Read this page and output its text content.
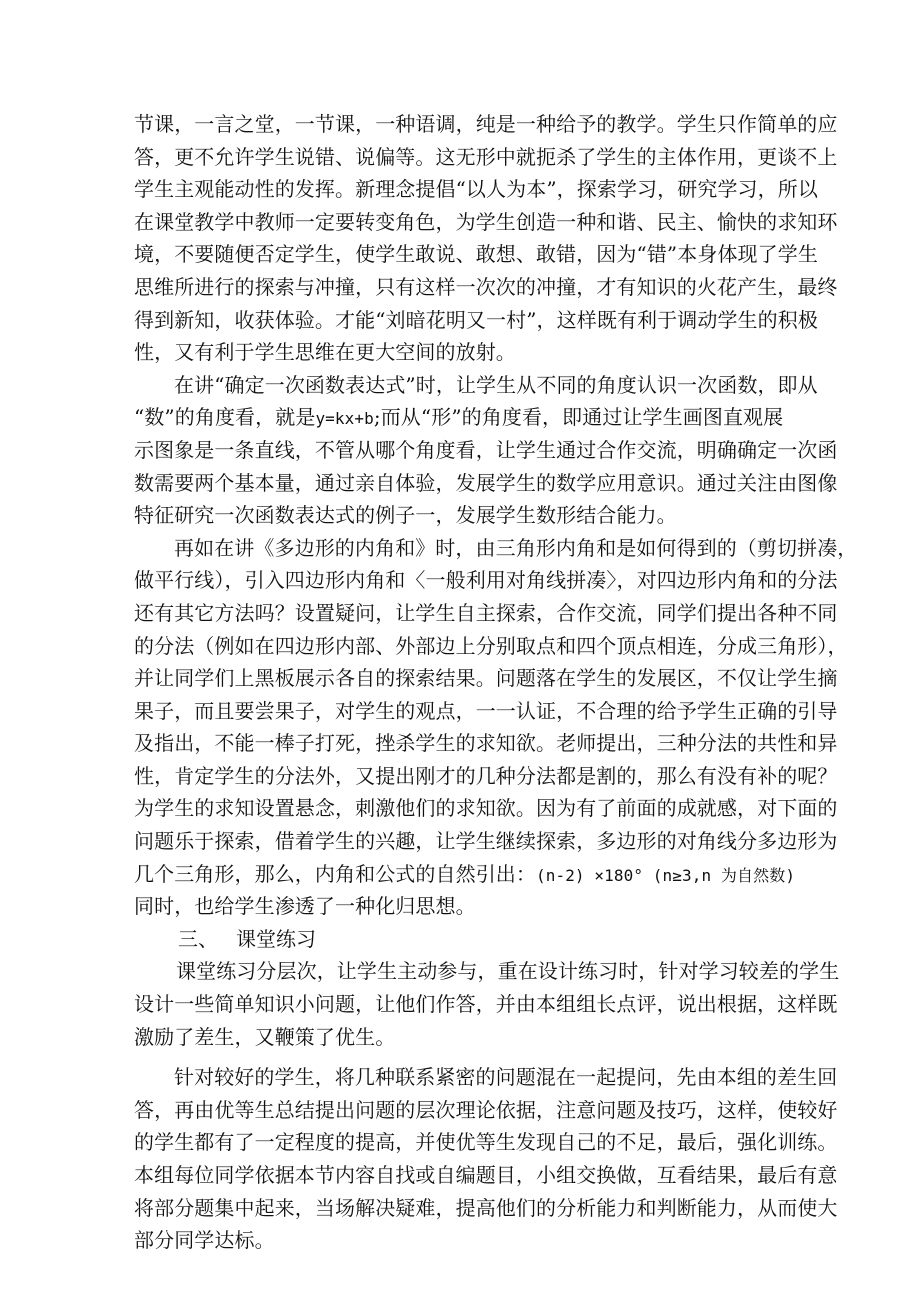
节课，一言之堂，一节课，一种语调，纯是一种给予的教学。学生只作简单的应
答，更不允许学生说错、说偏等。这无形中就扼杀了学生的主体作用，更谈不上
学生主观能动性的发挥。新理念提倡“以人为本”，探索学习，研究学习，所以
在课堂教学中教师一定要转变角色，为学生创造一种和谐、民主、愉快的求知环
境，不要随便否定学生，使学生敢说、敢想、敢错，因为“错”本身体现了学生
思维所进行的探索与冲撞，只有这样一次次的冲撞，才有知识的火花产生，最终
得到新知，收获体验。才能“刘暗花明又一村”，这样既有利于调动学生的积极
性，又有利于学生思维在更大空间的放射。
在讲“确定一次函数表达式”时，让学生从不同的角度认识一次函数，即从
“数”的角度看，就是y=kx+b;而从“形”的角度看，即通过让学生画图直观展
示图象是一条直线，不管从哪个角度看，让学生通过合作交流，明确确定一次函
数需要两个基本量，通过亲自体验，发展学生的数学应用意识。通过关注由图像
特征研究一次函数表达式的例子一，发展学生数形结合能力。
再如在讲《多边形的内角和》时，由三角形内角和是如何得到的（剪切拼凑，
做平行线），引入四边形内角和〈一般利用对角线拼凑〉，对四边形内角和的分法
还有其它方法吗？设置疑问，让学生自主探索，合作交流，同学们提出各种不同
的分法（例如在四边形内部、外部边上分别取点和四个顶点相连，分成三角形），
并让同学们上黑板展示各自的探索结果。问题落在学生的发展区，不仅让学生摘
果子，而且要尝果子，对学生的观点，一一认证，不合理的给予学生正确的引导
及指出，不能一棒子打死，挫杀学生的求知欲。老师提出，三种分法的共性和异
性，肯定学生的分法外，又提出刚才的几种分法都是割的，那么有没有补的呢？
为学生的求知设置悬念，刺激他们的求知欲。因为有了前面的成就感，对下面的
问题乐于探索，借着学生的兴趣，让学生继续探索，多边形的对角线分多边形为
几个三角形，那么，内角和公式的自然引出：(n-2) ×180° (n≥3,n 为自然数)
同时，也给学生渗透了一种化归思想。
三、 课堂练习
课堂练习分层次，让学生主动参与，重在设计练习时，针对学习较差的学生
设计一些简单知识小问题，让他们作答，并由本组组长点评，说出根据，这样既
激励了差生，又鞭策了优生。
针对较好的学生，将几种联系紧密的问题混在一起提问，先由本组的差生回
答，再由优等生总结提出问题的层次理论依据，注意问题及技巧，这样，使较好
的学生都有了一定程度的提高，并使优等生发现自己的不足，最后，强化训练。
本组每位同学依据本节内容自找或自编题目，小组交换做，互看结果，最后有意
将部分题集中起来，当场解决疑难，提高他们的分析能力和判断能力，从而使大
部分同学达标。
